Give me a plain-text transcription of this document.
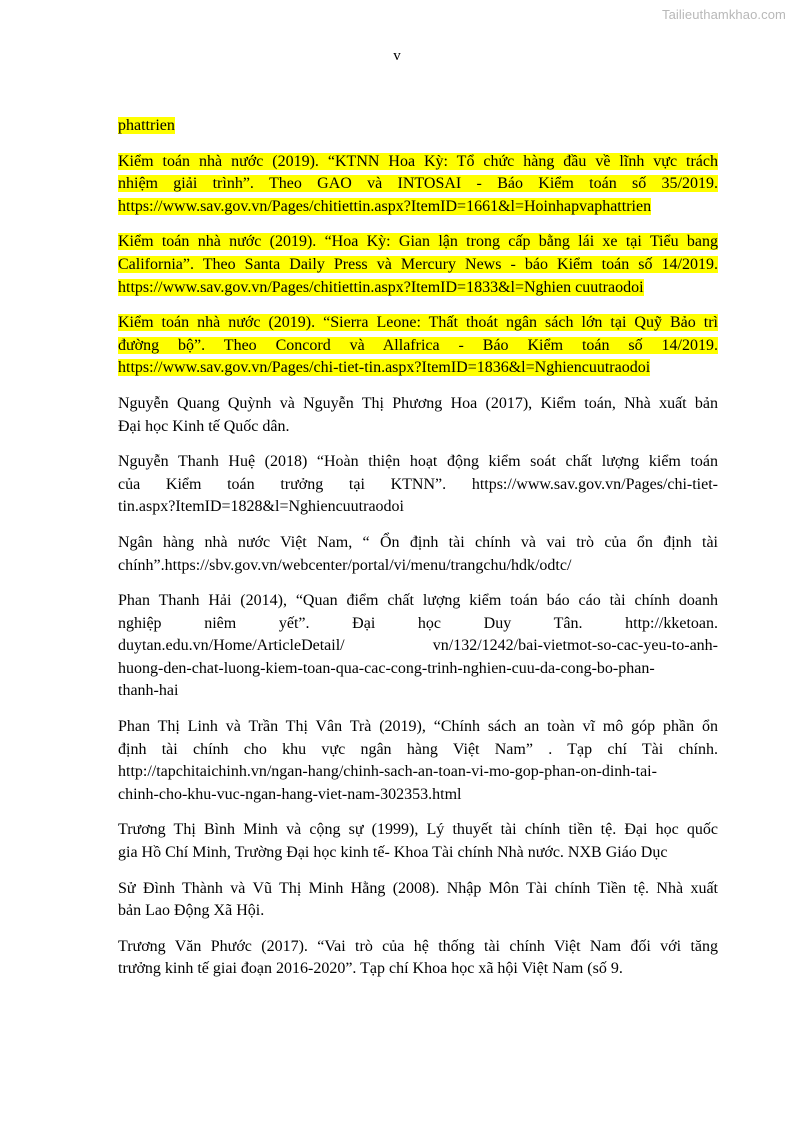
Tailieuthamkhao.com
v
phattrien
Kiểm toán nhà nước (2019). “KTNN Hoa Kỳ: Tổ chức hàng đầu về lĩnh vực trách
nhiệm giải trình”. Theo GAO và INTOSAI - Báo Kiểm toán số 35/2019.
https://www.sav.gov.vn/Pages/chitiettin.aspx?ItemID=1661&l=Hoinhapvaphattrien
Kiểm toán nhà nước (2019). “Hoa Kỳ: Gian lận trong cấp bằng lái xe tại Tiểu bang
California”. Theo Santa Daily Press và Mercury News - báo Kiểm toán số 14/2019.
https://www.sav.gov.vn/Pages/chitiettin.aspx?ItemID=1833&l=Nghien cuutraodoi
Kiểm toán nhà nước (2019). “Sierra Leone: Thất thoát ngân sách lớn tại Quỹ Bảo trì
đường bộ”. Theo Concord và Allafrica - Báo Kiểm toán số 14/2019.
https://www.sav.gov.vn/Pages/chi-tiet-tin.aspx?ItemID=1836&l=Nghiencuutraodoi
Nguyễn Quang Quỳnh và Nguyễn Thị Phương Hoa (2017), Kiểm toán, Nhà xuất bản
Đại học Kinh tế Quốc dân.
Nguyễn Thanh Huệ (2018) “Hoàn thiện hoạt động kiểm soát chất lượng kiểm toán
của Kiểm toán trưởng tại KTNN”. https://www.sav.gov.vn/Pages/chi-tiet-
tin.aspx?ItemID=1828&l=Nghiencuutraodoi
Ngân hàng nhà nước Việt Nam, “ Ổn định tài chính và vai trò của ổn định tài
chính”.https://sbv.gov.vn/webcenter/portal/vi/menu/trangchu/hdk/odtc/
Phan Thanh Hải (2014), “Quan điểm chất lượng kiểm toán báo cáo tài chính doanh
nghiệp niêm yết”. Đại học Duy Tân. http://kketoan.
duytan.edu.vn/Home/ArticleDetail/ vn/132/1242/bai-vietmot-so-cac-yeu-to-anh-
huong-den-chat-luong-kiem-toan-qua-cac-cong-trinh-nghien-cuu-da-cong-bo-phan-
thanh-hai
Phan Thị Linh và Trần Thị Vân Trà (2019), “Chính sách an toàn vĩ mô góp phần ổn
định tài chính cho khu vực ngân hàng Việt Nam” . Tạp chí Tài chính.
http://tapchitaichinh.vn/ngan-hang/chinh-sach-an-toan-vi-mo-gop-phan-on-dinh-tai-
chinh-cho-khu-vuc-ngan-hang-viet-nam-302353.html
Trương Thị Bình Minh và cộng sự (1999), Lý thuyết tài chính tiền tệ. Đại học quốc
gia Hồ Chí Minh, Trường Đại học kinh tế- Khoa Tài chính Nhà nước. NXB Giáo Dục
Sử Đình Thành và Vũ Thị Minh Hằng (2008). Nhập Môn Tài chính Tiền tệ. Nhà xuất
bản Lao Động Xã Hội.
Trương Văn Phước (2017). “Vai trò của hệ thống tài chính Việt Nam đối với tăng
trưởng kinh tế giai đoạn 2016-2020”. Tạp chí Khoa học xã hội Việt Nam (số 9.
